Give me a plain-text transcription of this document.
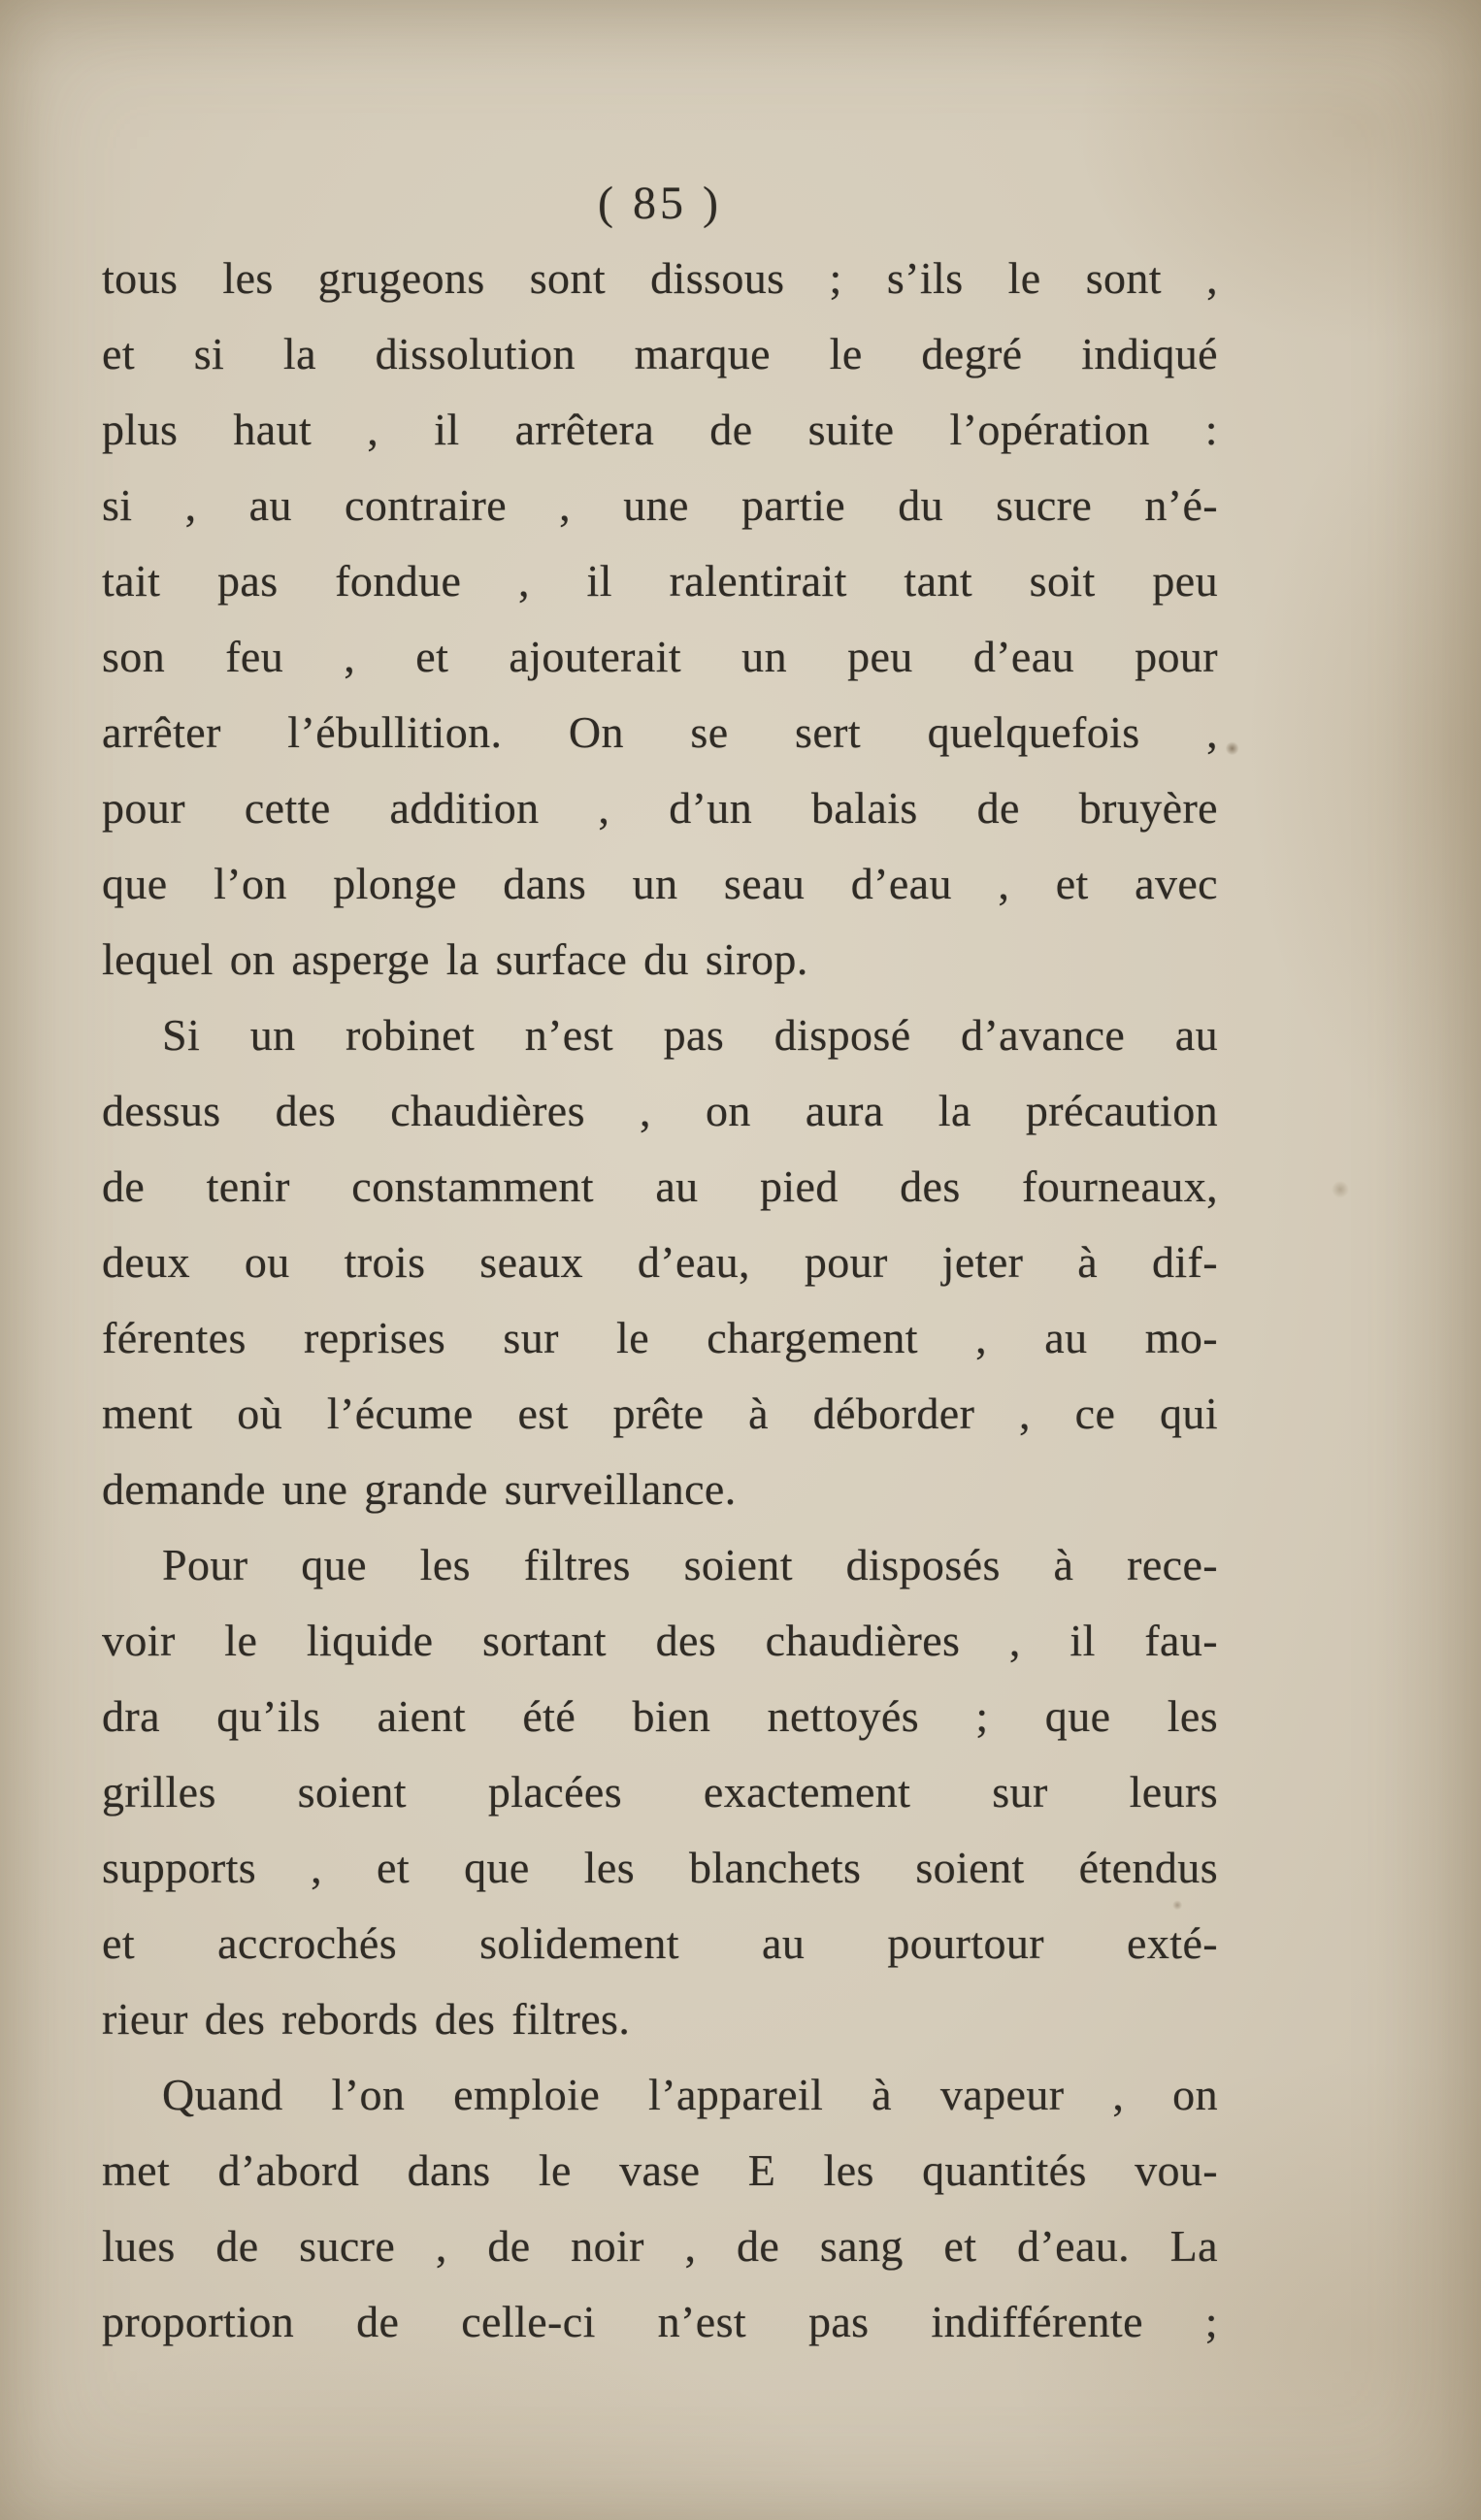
( 85 )
tous les grugeons sont dissous ; s’ils le sont ,
et si la dissolution marque le degré indiqué
plus haut , il arrêtera de suite l’opération :
si , au contraire , une partie du sucre n’é-
tait pas fondue , il ralentirait tant soit peu
son feu , et ajouterait un peu d’eau pour
arrêter l’ébullition. On se sert quelquefois ,
pour cette addition , d’un balais de bruyère
que l’on plonge dans un seau d’eau , et avec
lequel on asperge la surface du sirop.
Si un robinet n’est pas disposé d’avance au
dessus des chaudières , on aura la précaution
de tenir constamment au pied des fourneaux,
deux ou trois seaux d’eau, pour jeter à dif-
férentes reprises sur le chargement , au mo-
ment où l’écume est prête à déborder , ce qui
demande une grande surveillance.
Pour que les filtres soient disposés à rece-
voir le liquide sortant des chaudières , il fau-
dra qu’ils aient été bien nettoyés ; que les
grilles soient placées exactement sur leurs
supports , et que les blanchets soient étendus
et accrochés solidement au pourtour exté-
rieur des rebords des filtres.
Quand l’on emploie l’appareil à vapeur , on
met d’abord dans le vase E les quantités vou-
lues de sucre , de noir , de sang et d’eau. La
proportion de celle-ci n’est pas indifférente ;
